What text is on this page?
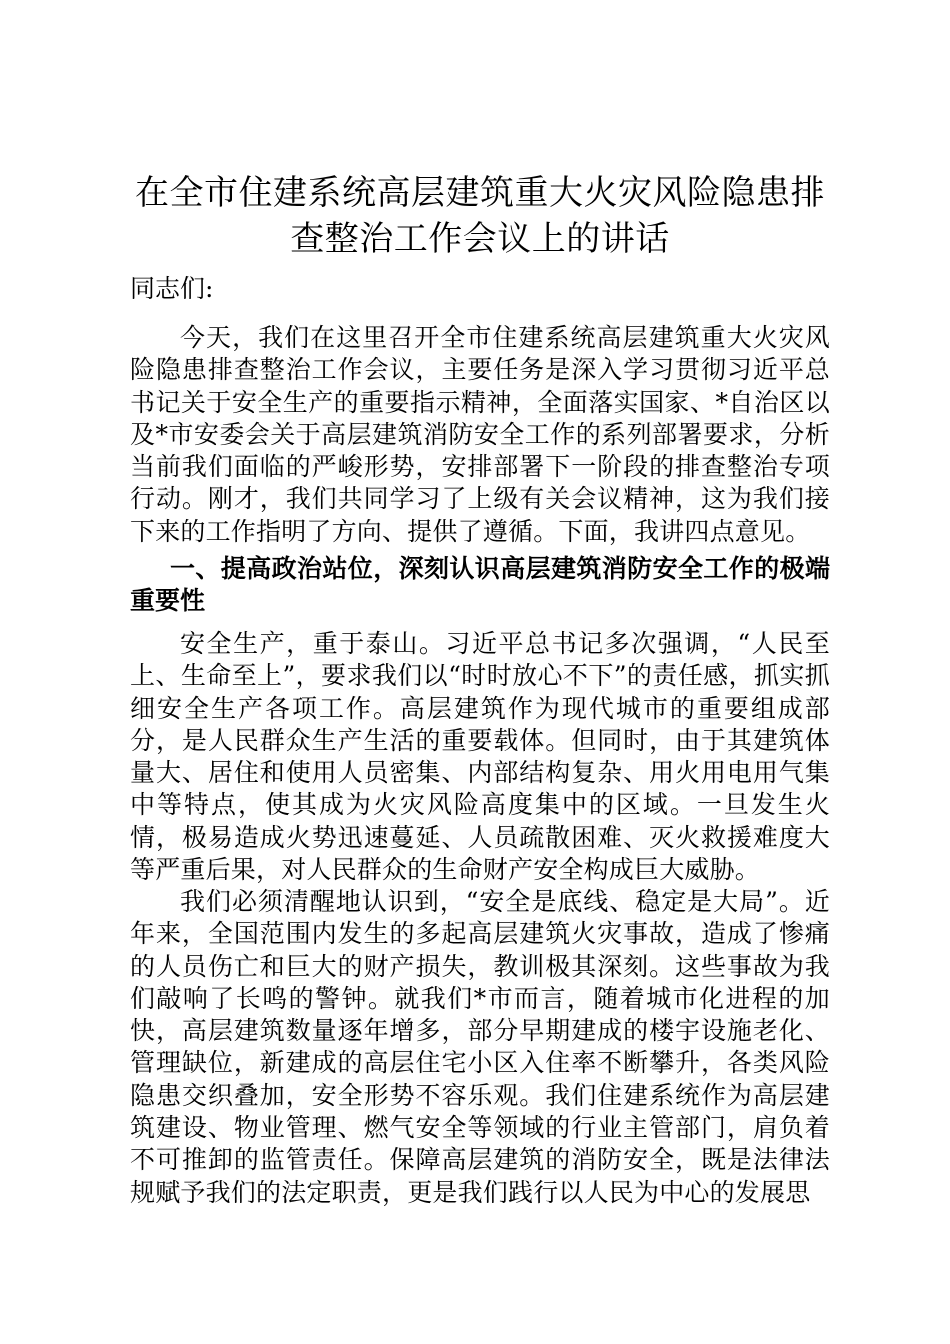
在全市住建系统高层建筑重大火灾风险隐患排
查整治工作会议上的讲话

同志们:

今天，我们在这里召开全市住建系统高层建筑重大火灾风险隐患排查整治工作会议，主要任务是深入学习贯彻习近平总书记关于安全生产的重要指示精神，全面落实国家、*自治区以及*市安委会关于高层建筑消防安全工作的系列部署要求，分析当前我们面临的严峻形势，安排部署下一阶段的排查整治专项行动。刚才，我们共同学习了上级有关会议精神，这为我们接下来的工作指明了方向、提供了遵循。下面，我讲四点意见。

一、提高政治站位，深刻认识高层建筑消防安全工作的极端重要性

安全生产，重于泰山。习近平总书记多次强调，“人民至上、生命至上”，要求我们以“时时放心不下”的责任感，抓实抓细安全生产各项工作。高层建筑作为现代城市的重要组成部分，是人民群众生产生活的重要载体。但同时，由于其建筑体量大、居住和使用人员密集、内部结构复杂、用火用电用气集中等特点，使其成为火灾风险高度集中的区域。一旦发生火情，极易造成火势迅速蔓延、人员疏散困难、灭火救援难度大等严重后果，对人民群众的生命财产安全构成巨大威胁。

我们必须清醒地认识到，“安全是底线、稳定是大局”。近年来，全国范围内发生的多起高层建筑火灾事故，造成了惨痛的人员伤亡和巨大的财产损失，教训极其深刻。这些事故为我们敲响了长鸣的警钟。就我们*市而言，随着城市化进程的加快，高层建筑数量逐年增多，部分早期建成的楼宇设施老化、管理缺位，新建成的高层住宅小区入住率不断攀升，各类风险隐患交织叠加，安全形势不容乐观。我们住建系统作为高层建筑建设、物业管理、燃气安全等领域的行业主管部门，肩负着不可推卸的监管责任。保障高层建筑的消防安全，既是法律法规赋予我们的法定职责，更是我们践行以人民为中心的发展思
